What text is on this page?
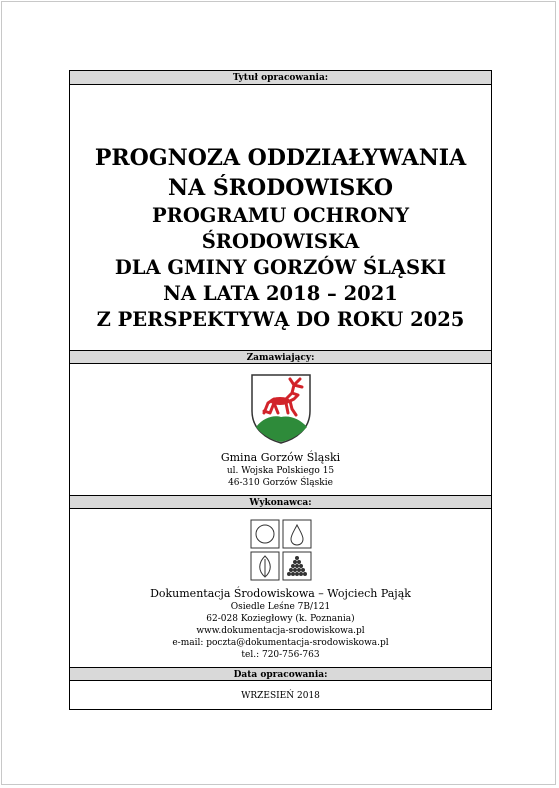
Tytuł opracowania:
PROGNOZA ODDZIAŁYWANIA
NA ŚRODOWISKO
PROGRAMU OCHRONY ŚRODOWISKA
DLA GMINY GORZÓW ŚLĄSKI
NA LATA 2018 – 2021
Z PERSPEKTYWĄ DO ROKU 2025
Zamawiający:
Gmina Gorzów Śląski
ul. Wojska Polskiego 15
46-310 Gorzów Śląskie
Wykonawca:
Dokumentacja Środowiskowa – Wojciech Pająk
Osiedle Leśne 7B/121
62-028 Koziegłowy (k. Poznania)
www.dokumentacja-srodowiskowa.pl
e-mail: poczta@dokumentacja-srodowiskowa.pl
tel.: 720-756-763
Data opracowania:
WRZESIEŃ 2018
